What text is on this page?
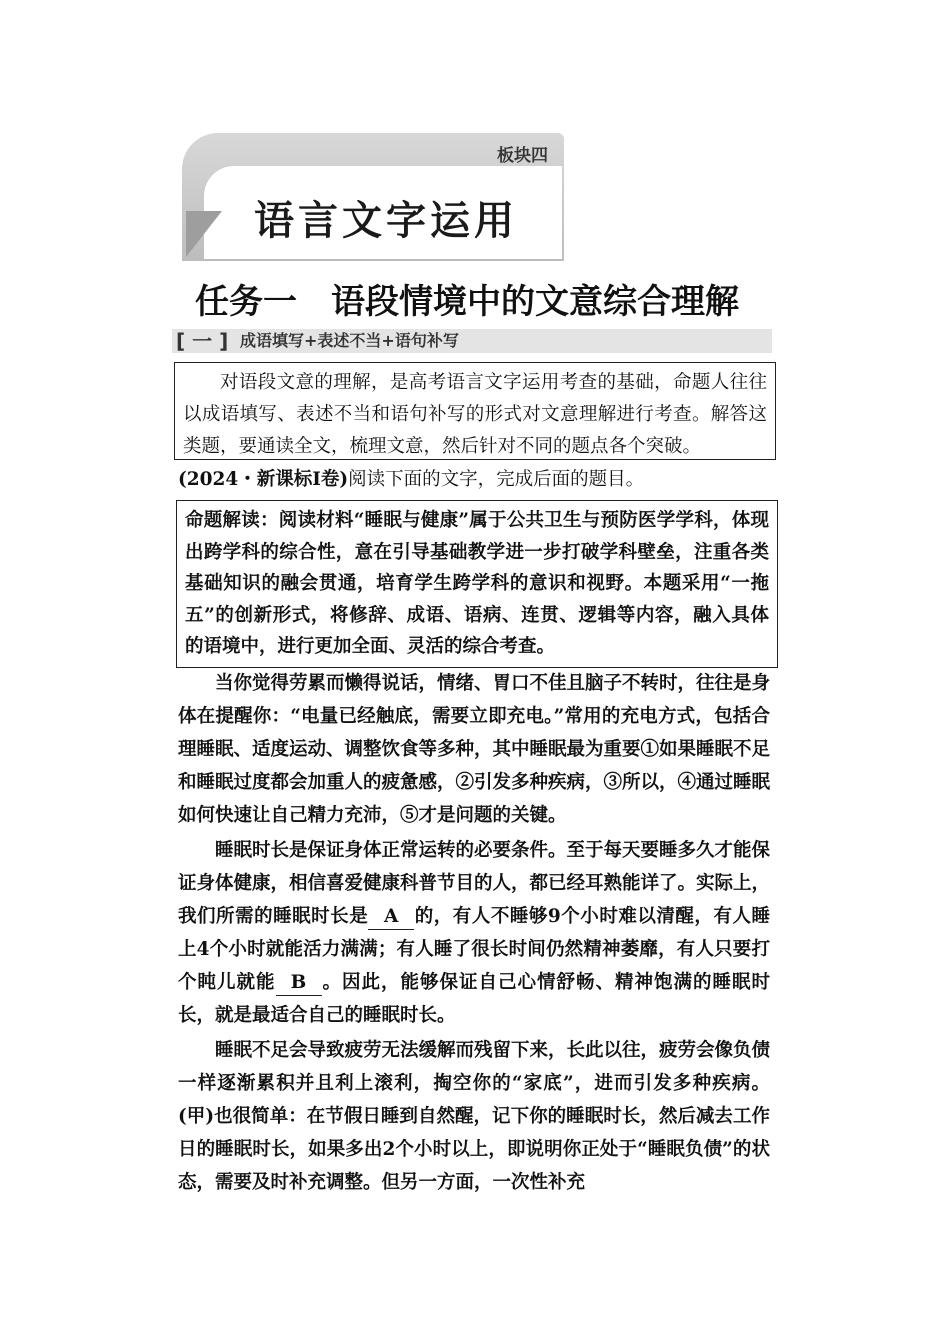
板块四
语言文字运用
任务一　语段情境中的文意综合理解
[ 一 ] 成语填写+表述不当+语句补写

对语段文意的理解，是高考语言文字运用考查的基础，命题人往往以成语填写、表述不当和语句补写的形式对文意理解进行考查。解答这类题，要通读全文，梳理文意，然后针对不同的题点各个突破。

(2024・新课标Ⅰ卷)阅读下面的文字，完成后面的题目。

命题解读：阅读材料“睡眠与健康”属于公共卫生与预防医学学科，体现出跨学科的综合性，意在引导基础教学进一步打破学科壁垒，注重各类基础知识的融会贯通，培育学生跨学科的意识和视野。本题采用“一拖五”的创新形式，将修辞、成语、语病、连贯、逻辑等内容，融入具体的语境中，进行更加全面、灵活的综合考查。

当你觉得劳累而懒得说话，情绪、胃口不佳且脑子不转时，往往是身体在提醒你：“电量已经触底，需要立即充电。”常用的充电方式，包括合理睡眠、适度运动、调整饮食等多种，其中睡眠最为重要①如果睡眠不足和睡眠过度都会加重人的疲惫感，②引发多种疾病，③所以，④通过睡眠如何快速让自己精力充沛，⑤才是问题的关键。

睡眠时长是保证身体正常运转的必要条件。至于每天要睡多久才能保证身体健康，相信喜爱健康科普节目的人，都已经耳熟能详了。实际上，我们所需的睡眠时长是 A 的，有人不睡够9个小时难以清醒，有人睡上4个小时就能活力满满；有人睡了很长时间仍然精神萎靡，有人只要打个盹儿就能 B 。因此，能够保证自己心情舒畅、精神饱满的睡眠时长，就是最适合自己的睡眠时长。

睡眠不足会导致疲劳无法缓解而残留下来，长此以往，疲劳会像负债一样逐渐累积并且利上滚利，掏空你的“家底”，进而引发多种疾病。(甲)也很简单：在节假日睡到自然醒，记下你的睡眠时长，然后减去工作日的睡眠时长，如果多出2个小时以上，即说明你正处于“睡眠负债”的状态，需要及时补充调整。但另一方面，一次性补充
